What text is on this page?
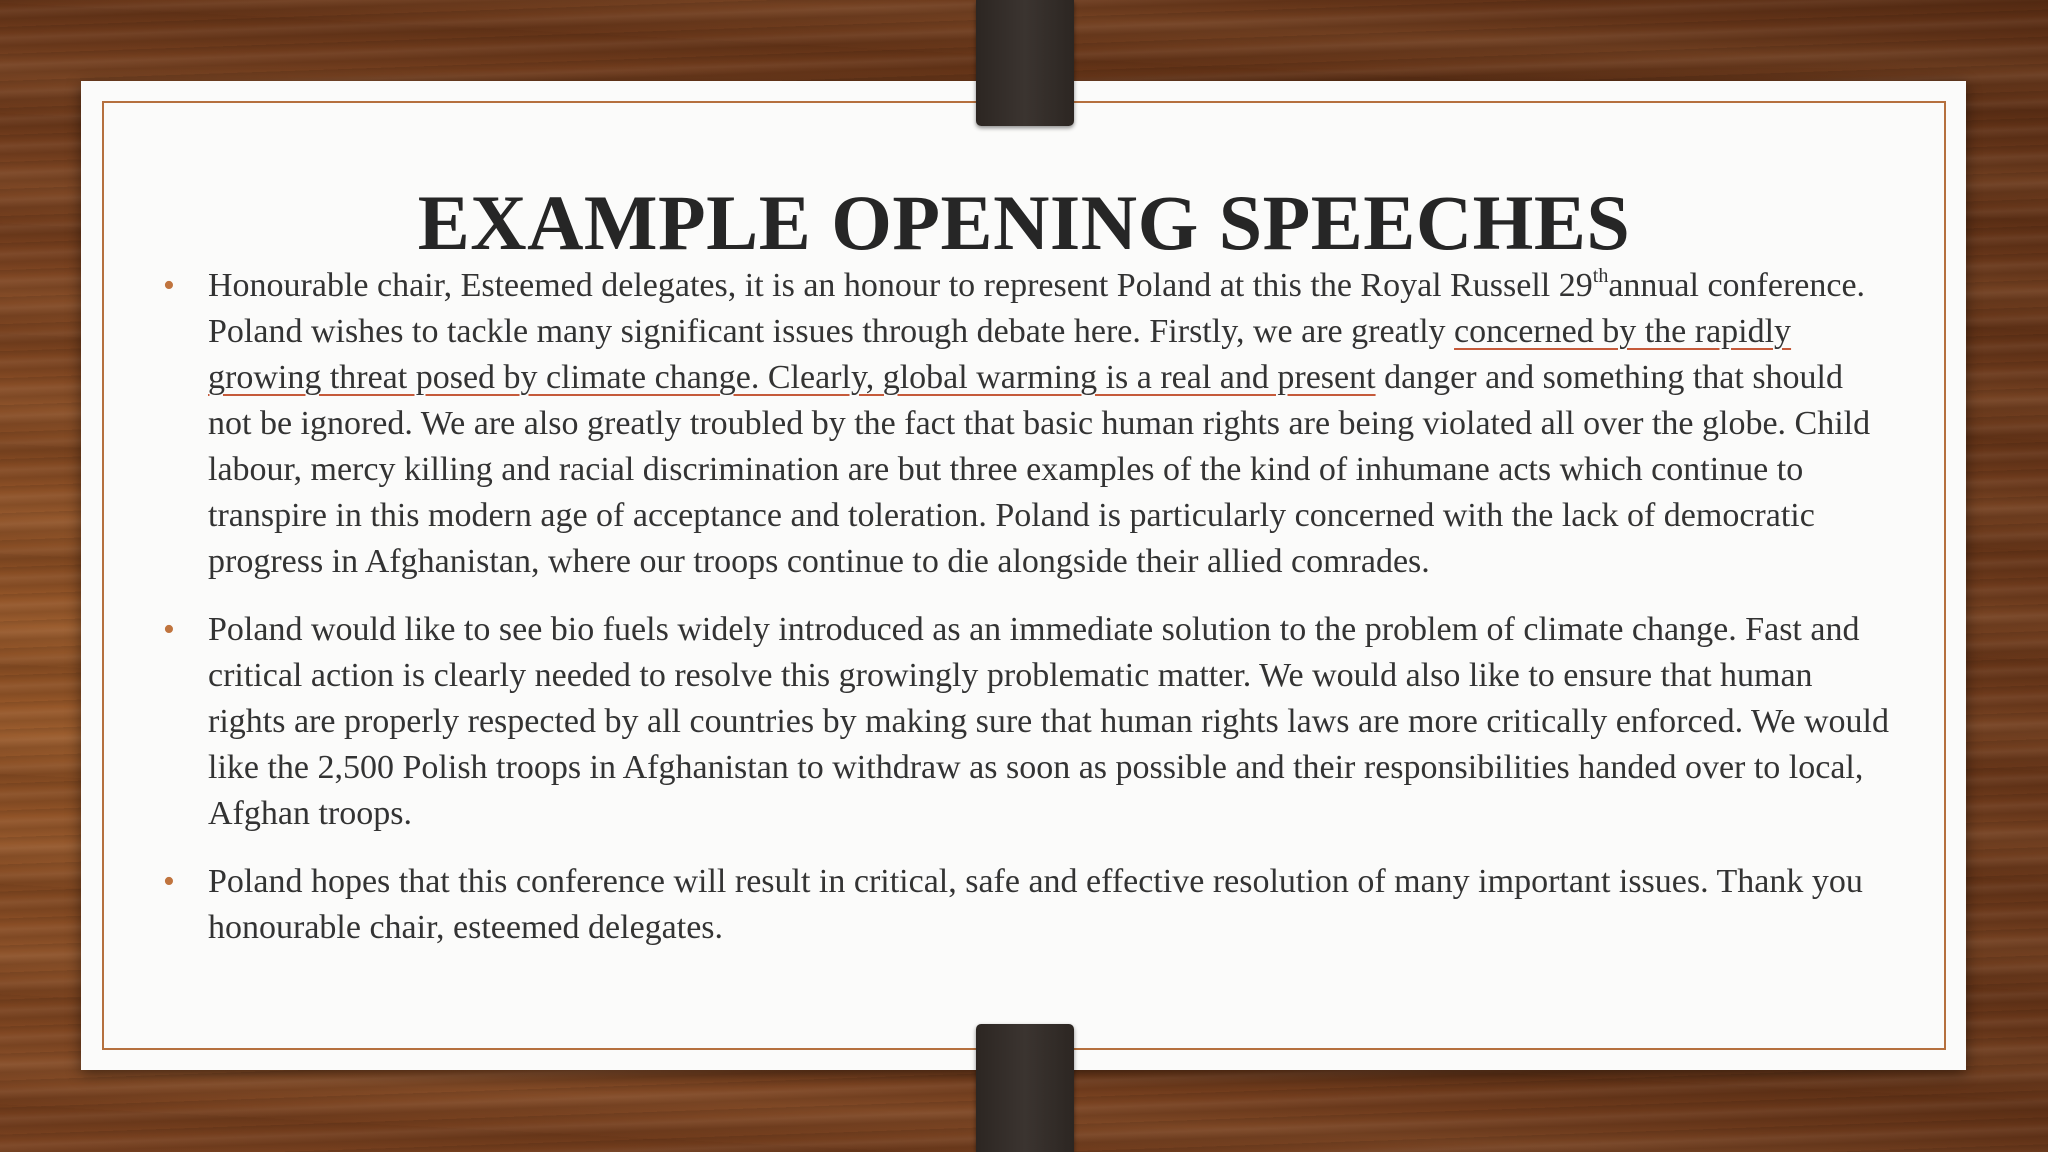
EXAMPLE OPENING SPEECHES

• Honourable chair, Esteemed delegates, it is an honour to represent Poland at this the Royal Russell 29thannual conference. Poland wishes to tackle many significant issues through debate here. Firstly, we are greatly concerned by the rapidly growing threat posed by climate change. Clearly, global warming is a real and present danger and something that should not be ignored. We are also greatly troubled by the fact that basic human rights are being violated all over the globe. Child labour, mercy killing and racial discrimination are but three examples of the kind of inhumane acts which continue to transpire in this modern age of acceptance and toleration. Poland is particularly concerned with the lack of democratic progress in Afghanistan, where our troops continue to die alongside their allied comrades.

• Poland would like to see bio fuels widely introduced as an immediate solution to the problem of climate change. Fast and critical action is clearly needed to resolve this growingly problematic matter. We would also like to ensure that human rights are properly respected by all countries by making sure that human rights laws are more critically enforced. We would like the 2,500 Polish troops in Afghanistan to withdraw as soon as possible and their responsibilities handed over to local, Afghan troops.

• Poland hopes that this conference will result in critical, safe and effective resolution of many important issues. Thank you honourable chair, esteemed delegates.
